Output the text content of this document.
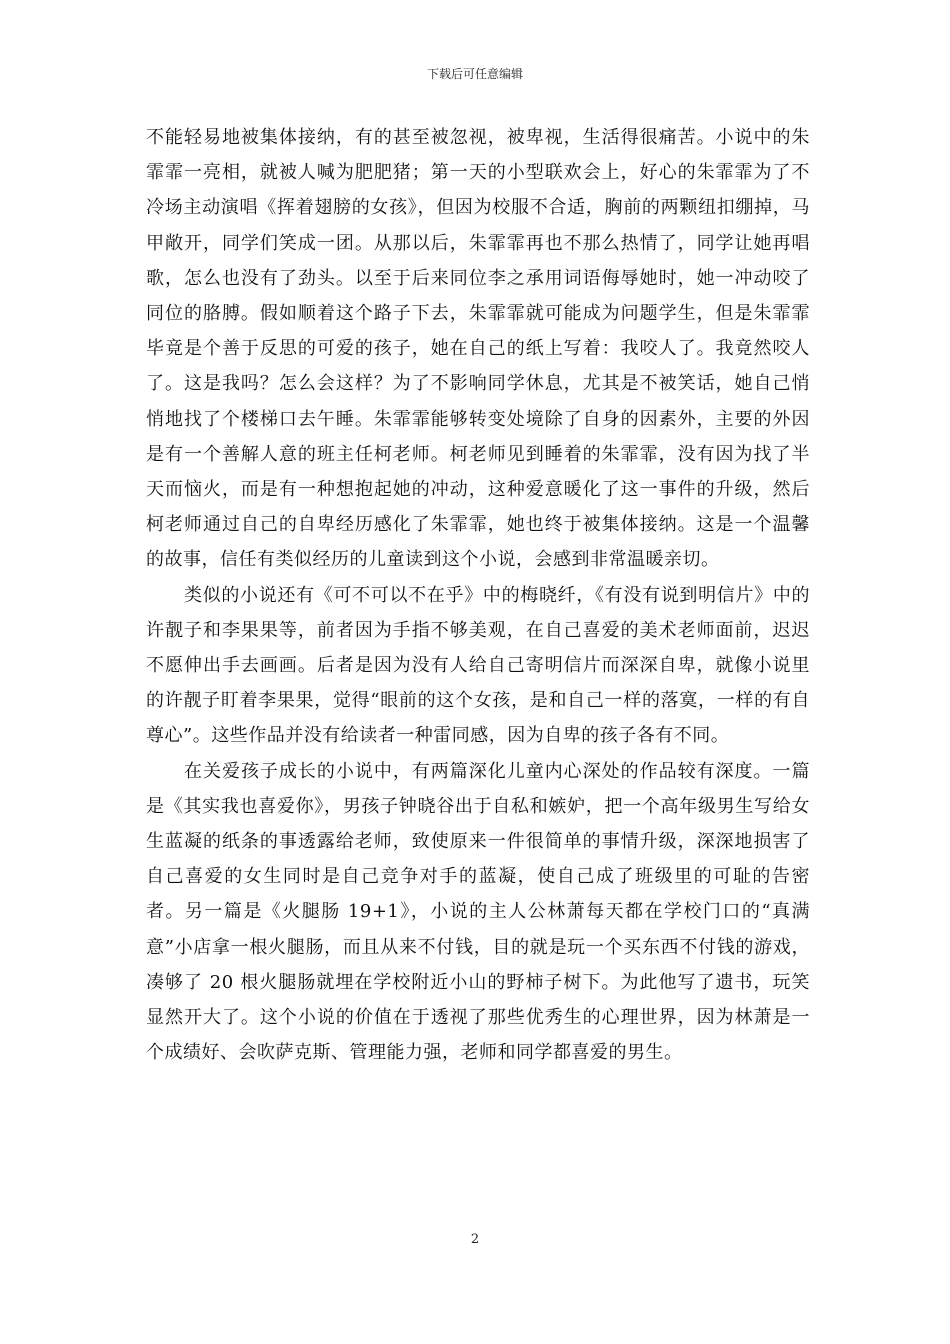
下载后可任意编辑

不能轻易地被集体接纳，有的甚至被忽视，被卑视，生活得很痛苦。小说中的朱霏霏一亮相，就被人喊为肥肥猪；第一天的小型联欢会上，好心的朱霏霏为了不冷场主动演唱《挥着翅膀的女孩》，但因为校服不合适，胸前的两颗纽扣绷掉，马甲敞开，同学们笑成一团。从那以后，朱霏霏再也不那么热情了，同学让她再唱歌，怎么也没有了劲头。以至于后来同位李之承用词语侮辱她时，她一冲动咬了同位的胳膊。假如顺着这个路子下去，朱霏霏就可能成为问题学生，但是朱霏霏毕竟是个善于反思的可爱的孩子，她在自己的纸上写着：我咬人了。我竟然咬人了。这是我吗？怎么会这样？为了不影响同学休息，尤其是不被笑话，她自己悄悄地找了个楼梯口去午睡。朱霏霏能够转变处境除了自身的因素外，主要的外因是有一个善解人意的班主任柯老师。柯老师见到睡着的朱霏霏，没有因为找了半天而恼火，而是有一种想抱起她的冲动，这种爱意暖化了这一事件的升级，然后柯老师通过自己的自卑经历感化了朱霏霏，她也终于被集体接纳。这是一个温馨的故事，信任有类似经历的儿童读到这个小说，会感到非常温暖亲切。

类似的小说还有《可不可以不在乎》中的梅晓纤，《有没有说到明信片》中的许靓子和李果果等，前者因为手指不够美观，在自己喜爱的美术老师面前，迟迟不愿伸出手去画画。后者是因为没有人给自己寄明信片而深深自卑，就像小说里的许靓子盯着李果果，觉得“眼前的这个女孩，是和自己一样的落寞，一样的有自尊心”。这些作品并没有给读者一种雷同感，因为自卑的孩子各有不同。

在关爱孩子成长的小说中，有两篇深化儿童内心深处的作品较有深度。一篇是《其实我也喜爱你》，男孩子钟晓谷出于自私和嫉妒，把一个高年级男生写给女生蓝凝的纸条的事透露给老师，致使原来一件很简单的事情升级，深深地损害了自己喜爱的女生同时是自己竞争对手的蓝凝，使自己成了班级里的可耻的告密者。另一篇是《火腿肠 19+1》，小说的主人公林萧每天都在学校门口的“真满意”小店拿一根火腿肠，而且从来不付钱，目的就是玩一个买东西不付钱的游戏，凑够了 20 根火腿肠就埋在学校附近小山的野柿子树下。为此他写了遗书，玩笑显然开大了。这个小说的价值在于透视了那些优秀生的心理世界，因为林萧是一个成绩好、会吹萨克斯、管理能力强，老师和同学都喜爱的男生。

2
